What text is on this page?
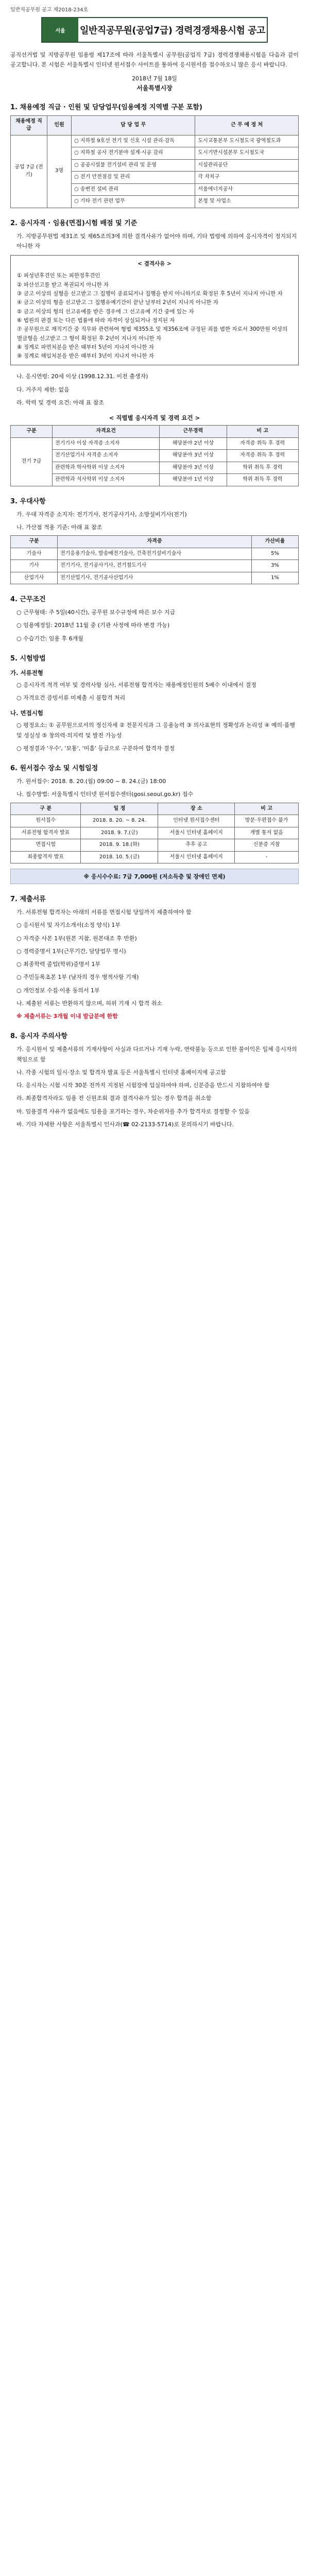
일반직공무원 공고 제2018-234호
서울	일반직공무원(공업7급) 경력경쟁채용시험 공고

공직선거법 및 지방공무원 임용령 제17조에 따라 서울특별시 공무원(공업직 7급) 경력경쟁채용시험을 다음과 같이 공고합니다. 본 시험은 서울특별시 인터넷 원서접수 사이트를 통하여 응시원서를 접수하오니 많은 응시 바랍니다.

2018년 7월 18일
서울특별시장
1. 채용예정 직급 · 인원 및 담당업무(임용예정 지역별 구분 포함)
채용예정 직급	인원	담 당 업 무	근 무 예 정 처
공업 7급 (전기)	3명	○ 지하철 9호선 전기 및 신호 시설 관리·감독	도시교통본부 도시철도국 광역철도과
		○ 지하철 공사 전기분야 설계·시공 감리	도시기반시설본부 도시철도국
		○ 공공시설물 전기설비 관리 및 운영	시설관리공단
		○ 전기 안전점검 및 관리	각 자치구
		○ 송변전 설비 관리	서울에너지공사
		○ 기타 전기 관련 업무	본청 및 사업소
2. 응시자격 · 임용(면접)시험 배점 및 기준

가. 지방공무원법 제31조 및 제65조의3에 의한 결격사유가 없어야 하며, 기타 법령에 의하여 응시자격이 정지되지 아니한 자

< 결격사유 >
① 피성년후견인 또는 피한정후견인
② 파산선고를 받고 복권되지 아니한 자
③ 금고 이상의 실형을 선고받고 그 집행이 종료되거나 집행을 받지 아니하기로 확정된 후 5년이 지나지 아니한 자
④ 금고 이상의 형을 선고받고 그 집행유예기간이 끝난 날부터 2년이 지나지 아니한 자
⑤ 금고 이상의 형의 선고유예를 받은 경우에 그 선고유예 기간 중에 있는 자
⑥ 법원의 판결 또는 다른 법률에 따라 자격이 상실되거나 정지된 자
⑦ 공무원으로 재직기간 중 직무와 관련하여 형법 제355조 및 제356조에 규정된 죄를 범한 자로서 300만원 이상의 벌금형을 선고받고 그 형이 확정된 후 2년이 지나지 아니한 자
⑧ 징계로 파면처분을 받은 때부터 5년이 지나지 아니한 자
⑨ 징계로 해임처분을 받은 때부터 3년이 지나지 아니한 자

나. 응시연령: 20세 이상 (1998.12.31. 이전 출생자)

다. 거주지 제한: 없음

라. 학력 및 경력 요건: 아래 표 참조

< 직렬별 응시자격 및 경력 요건 >
구분	자격요건	근무경력	비 고
전기 7급	전기기사 이상 자격증 소지자	해당분야 2년 이상	자격증 취득 후 경력
	전기산업기사 자격증 소지자	해당분야 3년 이상	자격증 취득 후 경력
	관련학과 학사학위 이상 소지자	해당분야 3년 이상	학위 취득 후 경력
	관련학과 석사학위 이상 소지자	해당분야 1년 이상	학위 취득 후 경력
3. 우대사항

가. 우대 자격증 소지자: 전기기사, 전기공사기사, 소방설비기사(전기)

나. 가산점 적용 기준: 아래 표 참조

구분	자격증	가산비율
기술사	전기응용기술사, 발송배전기술사, 건축전기설비기술사	5%
기사	전기기사, 전기공사기사, 전기철도기사	3%
산업기사	전기산업기사, 전기공사산업기사	1%
4. 근무조건

○ 근무형태: 주 5일(40시간), 공무원 보수규정에 따른 보수 지급

○ 임용예정일: 2018년 11월 중 (기관 사정에 따라 변경 가능)

○ 수습기간: 임용 후 6개월

5. 시험방법
가. 서류전형

○ 응시자격 적격 여부 및 경력사항 심사, 서류전형 합격자는 채용예정인원의 5배수 이내에서 결정

○ 자격요건 증빙서류 미제출 시 불합격 처리

나. 면접시험

○ 평정요소: ① 공무원으로서의 정신자세 ② 전문지식과 그 응용능력 ③ 의사표현의 정확성과 논리성 ④ 예의·품행 및 성실성 ⑤ 창의력·의지력 및 발전 가능성

○ 평정결과 '우수', '보통', '미흡' 등급으로 구분하여 합격자 결정

6. 원서접수 장소 및 시험일정

가. 원서접수: 2018. 8. 20.(월) 09:00 ~ 8. 24.(금) 18:00

나. 접수방법: 서울특별시 인터넷 원서접수센터(gosi.seoul.go.kr) 접수

구 분	일 정	장 소	비 고
원서접수	2018. 8. 20. ~ 8. 24.	인터넷 원서접수센터	방문·우편접수 불가
서류전형 합격자 발표	2018. 9. 7.(금)	서울시 인터넷 홈페이지	개별 통지 없음
면접시험	2018. 9. 18.(화)	추후 공고	신분증 지참
최종합격자 발표	2018. 10. 5.(금)	서울시 인터넷 홈페이지	-
※ 응시수수료: 7급 7,000원 (저소득층 및 장애인 면제)
7. 제출서류

가. 서류전형 합격자는 아래의 서류를 면접시험 당일까지 제출하여야 함

○ 응시원서 및 자기소개서(소정 양식) 1부

○ 자격증 사본 1부(원본 지참, 원본대조 후 반환)

○ 경력증명서 1부(근무기간, 담당업무 명시)

○ 최종학력 졸업(학위)증명서 1부

○ 주민등록초본 1부 (남자의 경우 병적사항 기재)

○ 개인정보 수집·이용 동의서 1부

나. 제출된 서류는 반환하지 않으며, 허위 기재 시 합격 취소

※ 제출서류는 3개월 이내 발급분에 한함

8. 응시자 주의사항

가. 응시원서 및 제출서류의 기재사항이 사실과 다르거나 기재 누락, 연락불능 등으로 인한 불이익은 일체 응시자의 책임으로 함

나. 각종 시험의 일시·장소 및 합격자 발표 등은 서울특별시 인터넷 홈페이지에 공고함

다. 응시자는 시험 시작 30분 전까지 지정된 시험장에 입실하여야 하며, 신분증을 반드시 지참하여야 함

라. 최종합격자라도 임용 전 신원조회 결과 결격사유가 있는 경우 합격을 취소함

마. 임용결격 사유가 없음에도 임용을 포기하는 경우, 차순위자를 추가 합격자로 결정할 수 있음

바. 기타 자세한 사항은 서울특별시 인사과(☎ 02-2133-5714)로 문의하시기 바랍니다.
